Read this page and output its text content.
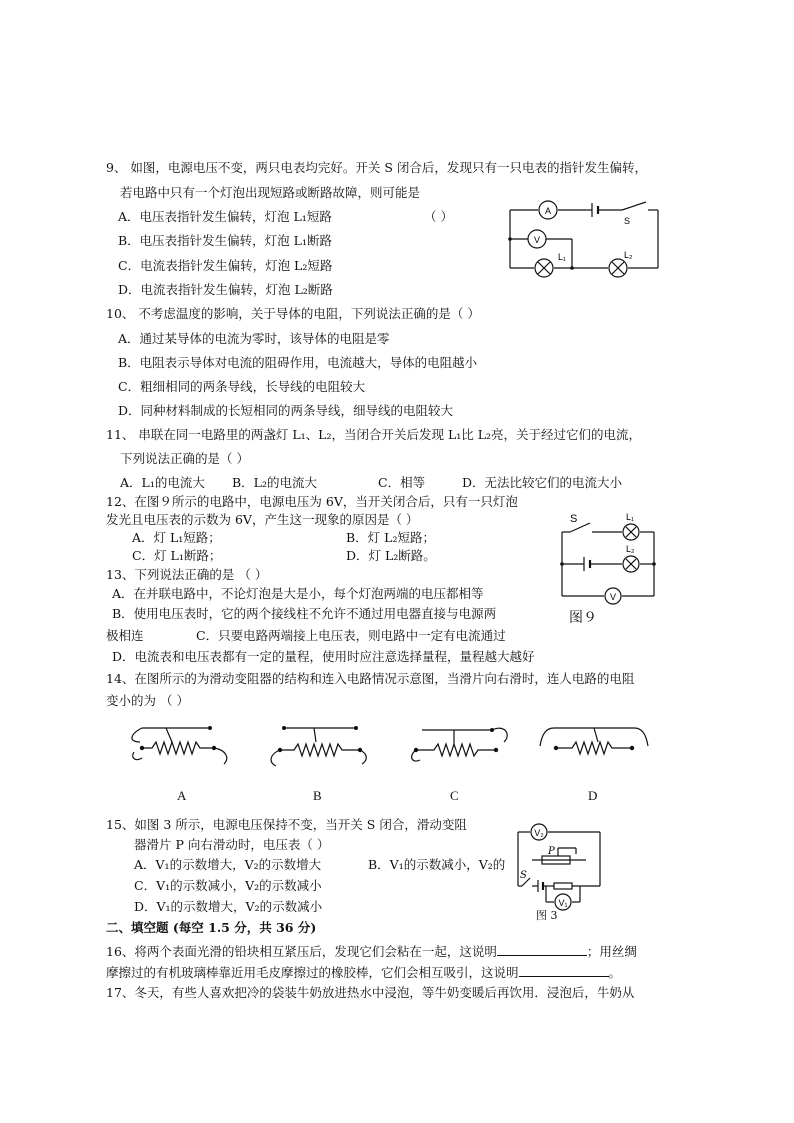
9、 如图，电源电压不变，两只电表均完好。开关 S 闭合后，发现只有一只电表的指针发生偏转，
若电路中只有一个灯泡出现短路或断路故障，则可能是
A．电压表指针发生偏转，灯泡 L₁短路	（ ）
B．电压表指针发生偏转，灯泡 L₁断路
C．电流表指针发生偏转，灯泡 L₂短路
D．电流表指针发生偏转，灯泡 L₂断路
A
V
L₁	L₂
S
10、 不考虑温度的影响，关于导体的电阻，下列说法正确的是（ ）
A．通过某导体的电流为零时，该导体的电阻是零
B．电阻表示导体对电流的阻碍作用，电流越大，导体的电阻越小
C．粗细相同的两条导线，长导线的电阻较大
D．同种材料制成的长短相同的两条导线，细导线的电阻较大
11、 串联在同一电路里的两盏灯 L₁、L₂，当闭合开关后发现 L₁比 L₂亮，关于经过它们的电流，
下列说法正确的是（ ）
A．L₁的电流大 B．L₂的电流大	C．相等	D．无法比较它们的电流大小
12、在图９所示的电路中，电源电压为 6V，当开关闭合后，只有一只灯泡
发光且电压表的示数为 6V，产生这一现象的原因是（ ）
A．灯 L₁短路；	B．灯 L₂短路；
C．灯 L₁断路；	D．灯 L₂断路。
V
S	L₁
L₂
图９
13、下列说法正确的是 （ ）
A．在并联电路中，不论灯泡是大是小，每个灯泡两端的电压都相等
B．使用电压表时，它的两个接线柱不允许不通过用电器直接与电源两
极相连	C．只要电路两端接上电压表，则电路中一定有电流通过
D．电流表和电压表都有一定的量程，使用时应注意选择量程，量程越大越好
14、在图所示的为滑动变阻器的结构和连入电路情况示意图，当滑片向右滑时，连人电路的电阻
变小的为 （ ）
A	B	C	D
15、如图 3 所示，电源电压保持不变，当开关 S 闭合，滑动变阻
器滑片 P 向右滑动时，电压表（ ）
A．V₁的示数增大，V₂的示数增大	B．V₁的示数减小，V₂的
C．V₁的示数减小，V₂的示数减小
D．V₁的示数增大，V₂的示数减小
V₂
P
V₁
S
图 3
二、填空题 (每空 1.5 分，共 36 分)
16、将两个表面光滑的铅块相互紧压后，发现它们会粘在一起，这说明	；用丝绸
摩擦过的有机玻璃棒靠近用毛皮摩擦过的橡胶棒，它们会相互吸引，这说明	。
17、冬天，有些人喜欢把冷的袋装牛奶放进热水中浸泡，等牛奶变暖后再饮用．浸泡后，牛奶从
